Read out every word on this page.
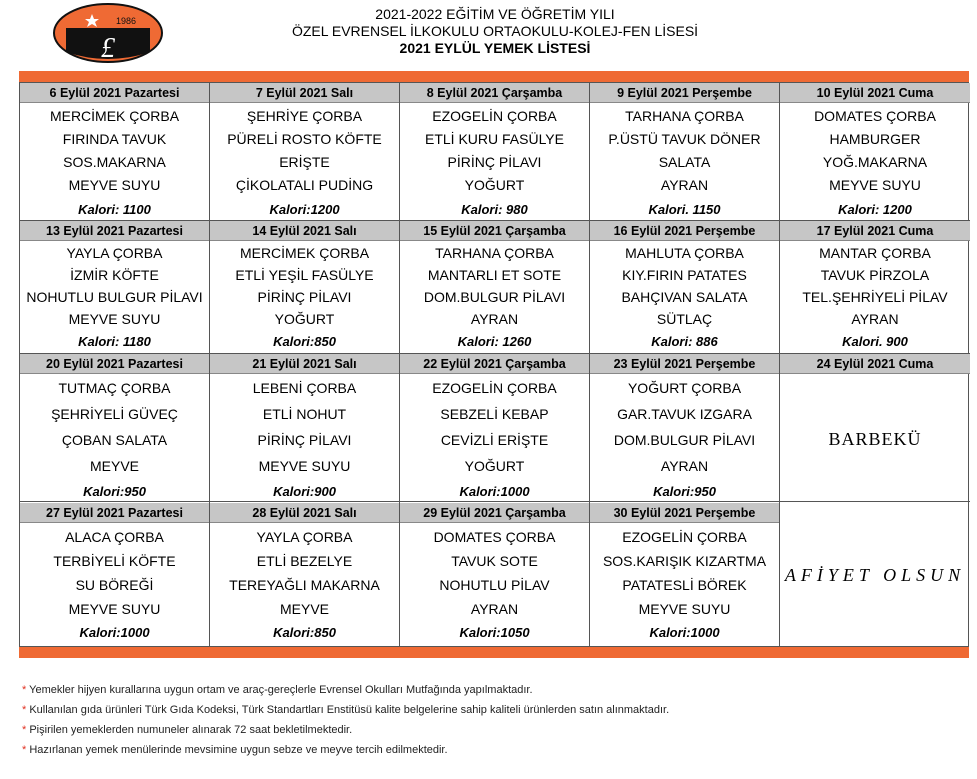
1986
£
2021-2022 EĞİTİM VE ÖĞRETİM YILI
ÖZEL EVRENSEL İLKOKULU ORTAOKULU-KOLEJ-FEN LİSESİ
2021 EYLÜL YEMEK LİSTESİ
6 Eylül 2021 Pazartesi
MERCİMEK ÇORBA
FIRINDA TAVUK
SOS.MAKARNA
MEYVE SUYU
Kalori: 1100
13 Eylül 2021 Pazartesi
YAYLA ÇORBA
İZMİR KÖFTE
NOHUTLU BULGUR PİLAVI
MEYVE SUYU
Kalori: 1180
20 Eylül 2021 Pazartesi
TUTMAÇ ÇORBA
ŞEHRİYELİ GÜVEÇ
ÇOBAN SALATA
MEYVE
Kalori:950
27 Eylül 2021 Pazartesi
ALACA ÇORBA
TERBİYELİ KÖFTE
SU BÖREĞİ
MEYVE SUYU
Kalori:1000
7 Eylül 2021 Salı
ŞEHRİYE ÇORBA
PÜRELİ ROSTO KÖFTE
ERİŞTE
ÇİKOLATALI PUDİNG
Kalori:1200
14 Eylül 2021 Salı
MERCİMEK ÇORBA
ETLİ YEŞİL FASÜLYE
PİRİNÇ PİLAVI
YOĞURT
Kalori:850
21 Eylül 2021 Salı
LEBENİ ÇORBA
ETLİ NOHUT
PİRİNÇ PİLAVI
MEYVE SUYU
Kalori:900
28 Eylül 2021 Salı
YAYLA ÇORBA
ETLİ BEZELYE
TEREYAĞLI MAKARNA
MEYVE
Kalori:850
8 Eylül 2021 Çarşamba
EZOGELİN ÇORBA
ETLİ KURU FASÜLYE
PİRİNÇ PİLAVI
YOĞURT
Kalori: 980
15 Eylül 2021 Çarşamba
TARHANA ÇORBA
MANTARLI ET SOTE
DOM.BULGUR PİLAVI
AYRAN
Kalori: 1260
22 Eylül 2021 Çarşamba
EZOGELİN ÇORBA
SEBZELİ KEBAP
CEVİZLİ ERİŞTE
YOĞURT
Kalori:1000
29 Eylül 2021 Çarşamba
DOMATES ÇORBA
TAVUK SOTE
NOHUTLU PİLAV
AYRAN
Kalori:1050
9 Eylül 2021 Perşembe
TARHANA ÇORBA
P.ÜSTÜ TAVUK DÖNER
SALATA
AYRAN
Kalori. 1150
16 Eylül 2021 Perşembe
MAHLUTA ÇORBA
KIY.FIRIN PATATES
BAHÇIVAN SALATA
SÜTLAÇ
Kalori: 886
23 Eylül 2021 Perşembe
YOĞURT ÇORBA
GAR.TAVUK IZGARA
DOM.BULGUR PİLAVI
AYRAN
Kalori:950
30 Eylül 2021 Perşembe
EZOGELİN ÇORBA
SOS.KARIŞIK KIZARTMA
PATATESLİ BÖREK
MEYVE SUYU
Kalori:1000
10 Eylül 2021 Cuma
DOMATES ÇORBA
HAMBURGER
YOĞ.MAKARNA
MEYVE SUYU
Kalori: 1200
17 Eylül 2021 Cuma
MANTAR ÇORBA
TAVUK PİRZOLA
TEL.ŞEHRİYELİ PİLAV
AYRAN
Kalori. 900
24 Eylül 2021 Cuma
BARBEKÜ
AFİYET OLSUN
* Yemekler hijyen kurallarına uygun ortam ve araç-gereçlerle Evrensel Okulları Mutfağında yapılmaktadır.
* Kullanılan gıda ürünleri Türk Gıda Kodeksi, Türk Standartları Enstitüsü kalite belgelerine sahip kaliteli ürünlerden satın alınmaktadır.
* Pişirilen yemeklerden numuneler alınarak 72 saat bekletilmektedir.
* Hazırlanan yemek menülerinde mevsimine uygun sebze ve meyve tercih edilmektedir.
